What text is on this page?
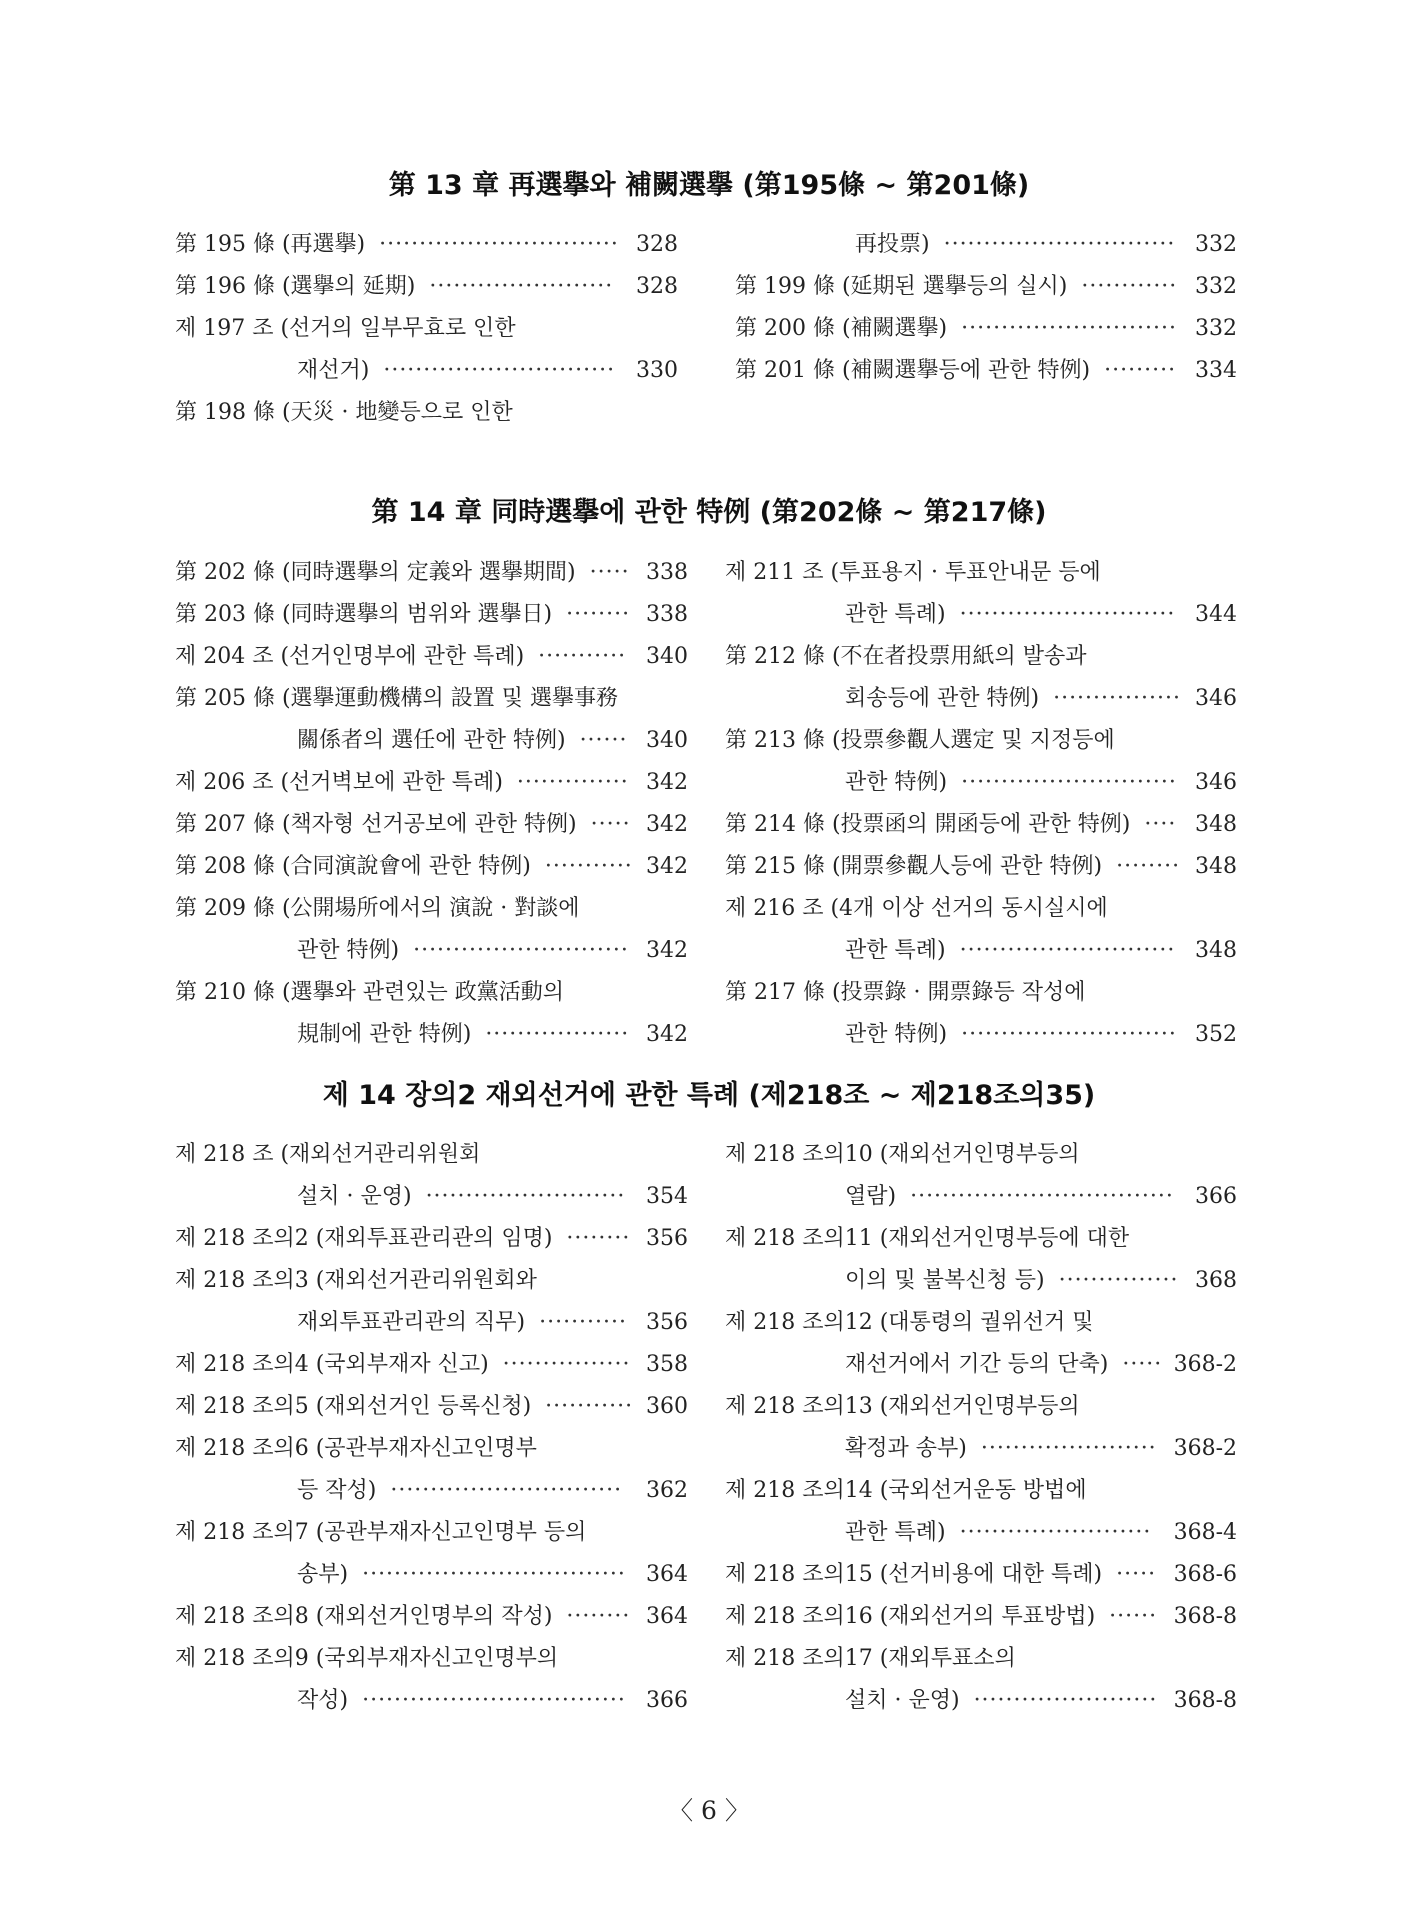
第 13 章 再選擧와 補闕選擧 (第195條 ~ 第201條)
第 195 條 (再選擧) ······························ 328
第 196 條 (選擧의 延期) ·······················	328
제 197 조 (선거의 일부무효로 인한
재선거) ····························· 330
第 198 條 (天災 · 地變등으로 인한
再投票) ····························· 332
第 199 條 (延期된 選擧등의 실시) ············ 332
第 200 條 (補闕選擧) ··························· 332
第 201 條 (補闕選擧등에 관한 特例) ········· 334
第 14 章 同時選擧에 관한 特例 (第202條 ~ 第217條)
第 202 條 (同時選擧의 定義와 選擧期間) ····· 338
第 203 條 (同時選擧의 범위와 選擧日) ········ 338
제 204 조 (선거인명부에 관한 특례) ··········· 340
第 205 條 (選擧運動機構의 設置 및 選擧事務
關係者의 選任에 관한 特例) ······ 340
제 206 조 (선거벽보에 관한 특례) ·············· 342
第 207 條 (책자형 선거공보에 관한 特例) ····· 342
第 208 條 (合同演說會에 관한 特例) ··········· 342
第 209 條 (公開場所에서의 演說 · 對談에
관한 特例) ··························· 342
第 210 條 (選擧와 관련있는 政黨活動의
規制에 관한 特例) ·················· 342
제 211 조 (투표용지 · 투표안내문 등에
관한 특례) ··························· 344
第 212 條 (不在者投票用紙의 발송과
회송등에 관한 特例) ················ 346
第 213 條 (投票參觀人選定 및 지정등에
관한 特例) ··························· 346
第 214 條 (投票函의 開函등에 관한 特例) ···· 348
第 215 條 (開票參觀人등에 관한 特例) ········ 348
제 216 조 (4개 이상 선거의 동시실시에
관한 특례) ··························· 348
第 217 條 (投票錄 · 開票錄등 작성에
관한 特例) ··························· 352
제 14 장의2 재외선거에 관한 특례 (제218조 ~ 제218조의35)
제 218 조 (재외선거관리위원회
설치 · 운영) ························· 354
제 218 조의2 (재외투표관리관의 임명) ········ 356
제 218 조의3 (재외선거관리위원회와
재외투표관리관의 직무) ··········· 356
제 218 조의4 (국외부재자 신고) ················ 358
제 218 조의5 (재외선거인 등록신청) ··········· 360
제 218 조의6 (공관부재자신고인명부
등 작성) ·····························	362
제 218 조의7 (공관부재자신고인명부 등의
송부) ································· 364
제 218 조의8 (재외선거인명부의 작성) ········ 364
제 218 조의9 (국외부재자신고인명부의
작성) ································· 366
제 218 조의10 (재외선거인명부등의
열람) ································· 366
제 218 조의11 (재외선거인명부등에 대한
이의 및 불복신청 등) ··············· 368
제 218 조의12 (대통령의 궐위선거 및
재선거에서 기간 등의 단축) ····· 368-2
제 218 조의13 (재외선거인명부등의
확정과 송부) ······················ 368-2
제 218 조의14 (국외선거운동 방법에
관한 특례) ························	368-4
제 218 조의15 (선거비용에 대한 특례) ····· 368-6
제 218 조의16 (재외선거의 투표방법) ······ 368-8
제 218 조의17 (재외투표소의
설치 · 운영) ······················· 368-8
〈 6 〉
